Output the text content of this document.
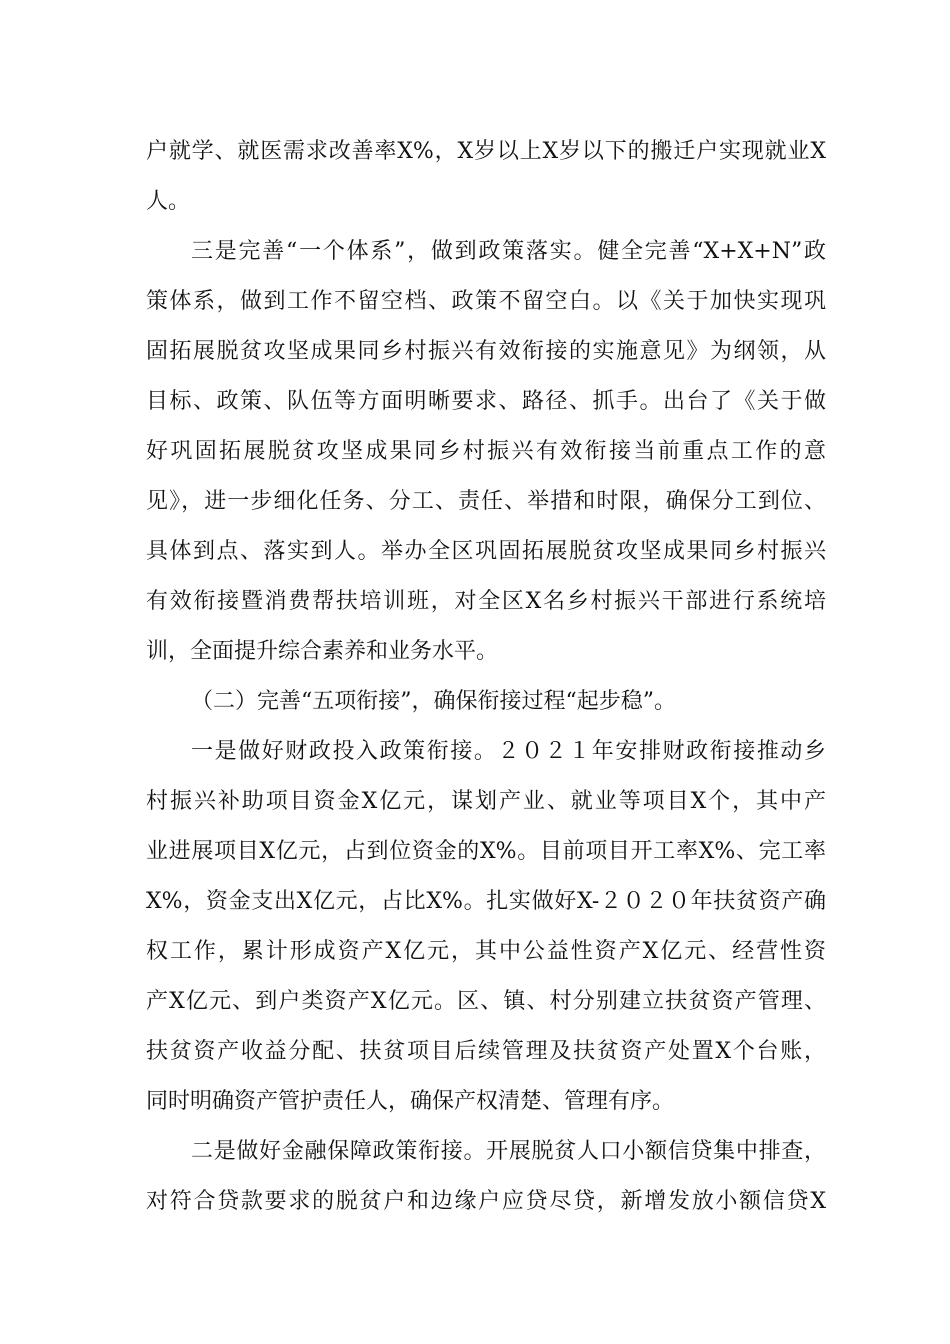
户就学、就医需求改善率X%，X岁以上X岁以下的搬迁户实现就业X
人。
三是完善“一个体系”，做到政策落实。健全完善“X+X+N”政
策体系，做到工作不留空档、政策不留空白。以《关于加快实现巩
固拓展脱贫攻坚成果同乡村振兴有效衔接的实施意见》为纲领，从
目标、政策、队伍等方面明晰要求、路径、抓手。出台了《关于做
好巩固拓展脱贫攻坚成果同乡村振兴有效衔接当前重点工作的意
见》，进一步细化任务、分工、责任、举措和时限，确保分工到位、
具体到点、落实到人。举办全区巩固拓展脱贫攻坚成果同乡村振兴
有效衔接暨消费帮扶培训班，对全区X名乡村振兴干部进行系统培
训，全面提升综合素养和业务水平。
（二）完善“五项衔接”，确保衔接过程“起步稳”。
一是做好财政投入政策衔接。２０２１年安排财政衔接推动乡
村振兴补助项目资金X亿元，谋划产业、就业等项目X个，其中产
业进展项目X亿元，占到位资金的X%。目前项目开工率X%、完工率
X%，资金支出X亿元，占比X%。扎实做好X-２０２０年扶贫资产确
权工作，累计形成资产X亿元，其中公益性资产X亿元、经营性资
产X亿元、到户类资产X亿元。区、镇、村分别建立扶贫资产管理、
扶贫资产收益分配、扶贫项目后续管理及扶贫资产处置X个台账，
同时明确资产管护责任人，确保产权清楚、管理有序。
二是做好金融保障政策衔接。开展脱贫人口小额信贷集中排查，
对符合贷款要求的脱贫户和边缘户应贷尽贷，新增发放小额信贷X
